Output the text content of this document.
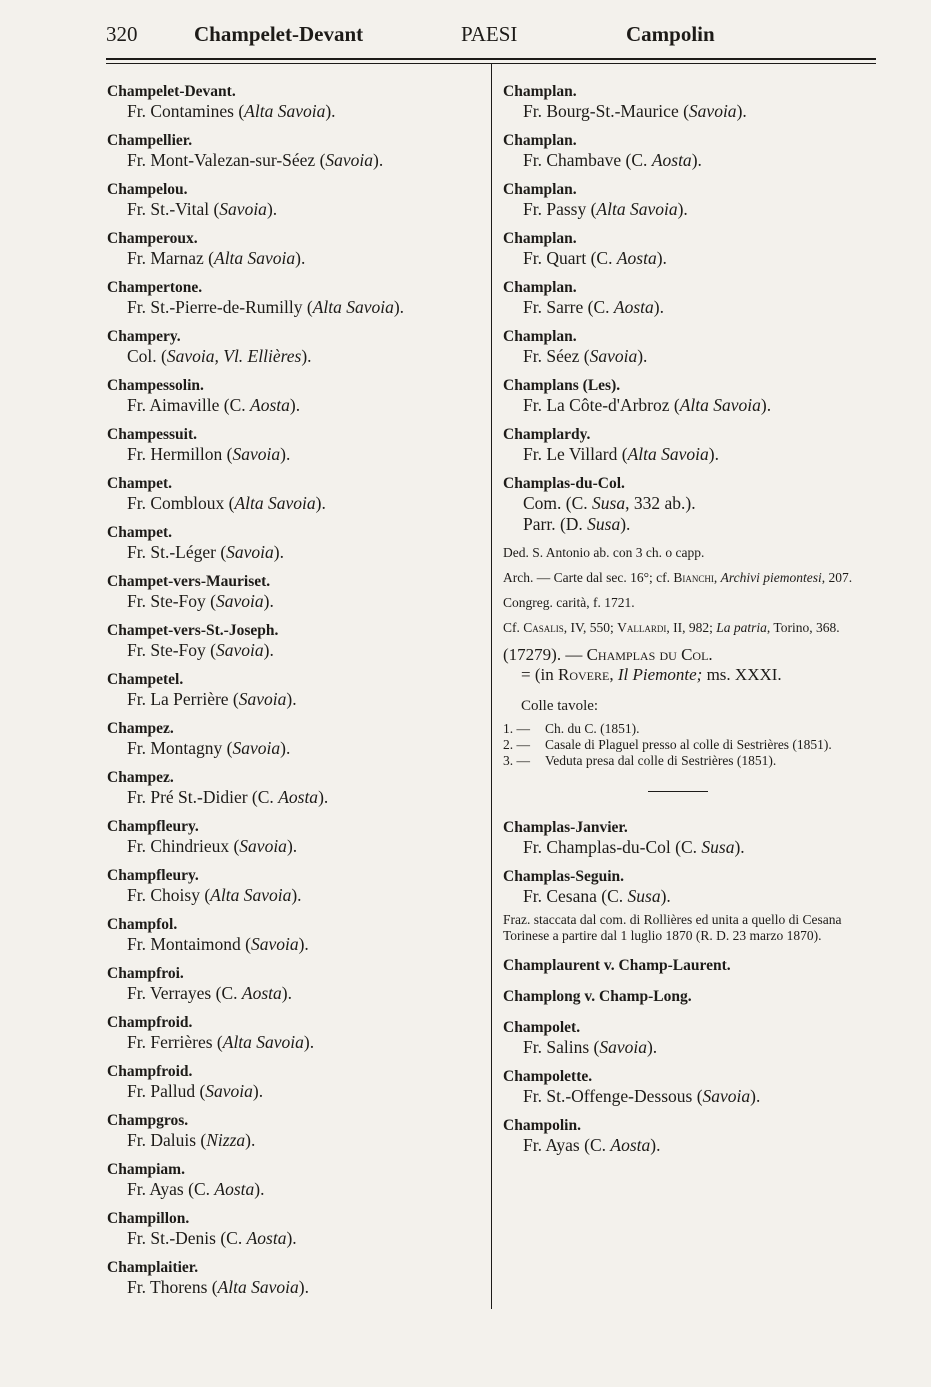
320	Champelet-Devant	PAESI	Campolin
Champelet-Devant.
Fr. Contamines (Alta Savoia).
Champellier.
Fr. Mont-Valezan-sur-Séez (Savoia).
Champelou.
Fr. St.-Vital (Savoia).
Champeroux.
Fr. Marnaz (Alta Savoia).
Champertone.
Fr. St.-Pierre-de-Rumilly (Alta Savoia).
Champery.
Col. (Savoia, Vl. Ellières).
Champessolin.
Fr. Aimaville (C. Aosta).
Champessuit.
Fr. Hermillon (Savoia).
Champet.
Fr. Combloux (Alta Savoia).
Champet.
Fr. St.-Léger (Savoia).
Champet-vers-Mauriset.
Fr. Ste-Foy (Savoia).
Champet-vers-St.-Joseph.
Fr. Ste-Foy (Savoia).
Champetel.
Fr. La Perrière (Savoia).
Champez.
Fr. Montagny (Savoia).
Champez.
Fr. Pré St.-Didier (C. Aosta).
Champfleury.
Fr. Chindrieux (Savoia).
Champfleury.
Fr. Choisy (Alta Savoia).
Champfol.
Fr. Montaimond (Savoia).
Champfroi.
Fr. Verrayes (C. Aosta).
Champfroid.
Fr. Ferrières (Alta Savoia).
Champfroid.
Fr. Pallud (Savoia).
Champgros.
Fr. Daluis (Nizza).
Champiam.
Fr. Ayas (C. Aosta).
Champillon.
Fr. St.-Denis (C. Aosta).
Champlaitier.
Fr. Thorens (Alta Savoia).
Champlan.
Fr. Bourg-St.-Maurice (Savoia).
Champlan.
Fr. Chambave (C. Aosta).
Champlan.
Fr. Passy (Alta Savoia).
Champlan.
Fr. Quart (C. Aosta).
Champlan.
Fr. Sarre (C. Aosta).
Champlan.
Fr. Séez (Savoia).
Champlans (Les).
Fr. La Côte-d'Arbroz (Alta Savoia).
Champlardy.
Fr. Le Villard (Alta Savoia).
Champlas-du-Col.
Com. (C. Susa, 332 ab.).
Parr. (D. Susa).
Ded. S. Antonio ab. con 3 ch. o capp.
Arch. — Carte dal sec. 16°; cf. Bianchi, Archivi piemontesi, 207.
Congreg. carità, f. 1721.
Cf. Casalis, IV, 550; Vallardi, II, 982; La patria, Torino, 368.
(17279). — Champlas du Col.
= (in Rovere, Il Piemonte; ms. XXXI.
Colle tavole:
1. — Ch. du C. (1851).
2. — Casale di Plaguel presso al colle di Sestrières (1851).
3. — Veduta presa dal colle di Sestrières (1851).
Champlas-Janvier.
Fr. Champlas-du-Col (C. Susa).
Champlas-Seguin.
Fr. Cesana (C. Susa).
Fraz. staccata dal com. di Rollières ed unita a quello di Cesana Torinese a partire dal 1 luglio 1870 (R. D. 23 marzo 1870).
Champlaurent v. Champ-Laurent.
Champlong v. Champ-Long.
Champolet.
Fr. Salins (Savoia).
Champolette.
Fr. St.-Offenge-Dessous (Savoia).
Champolin.
Fr. Ayas (C. Aosta).
